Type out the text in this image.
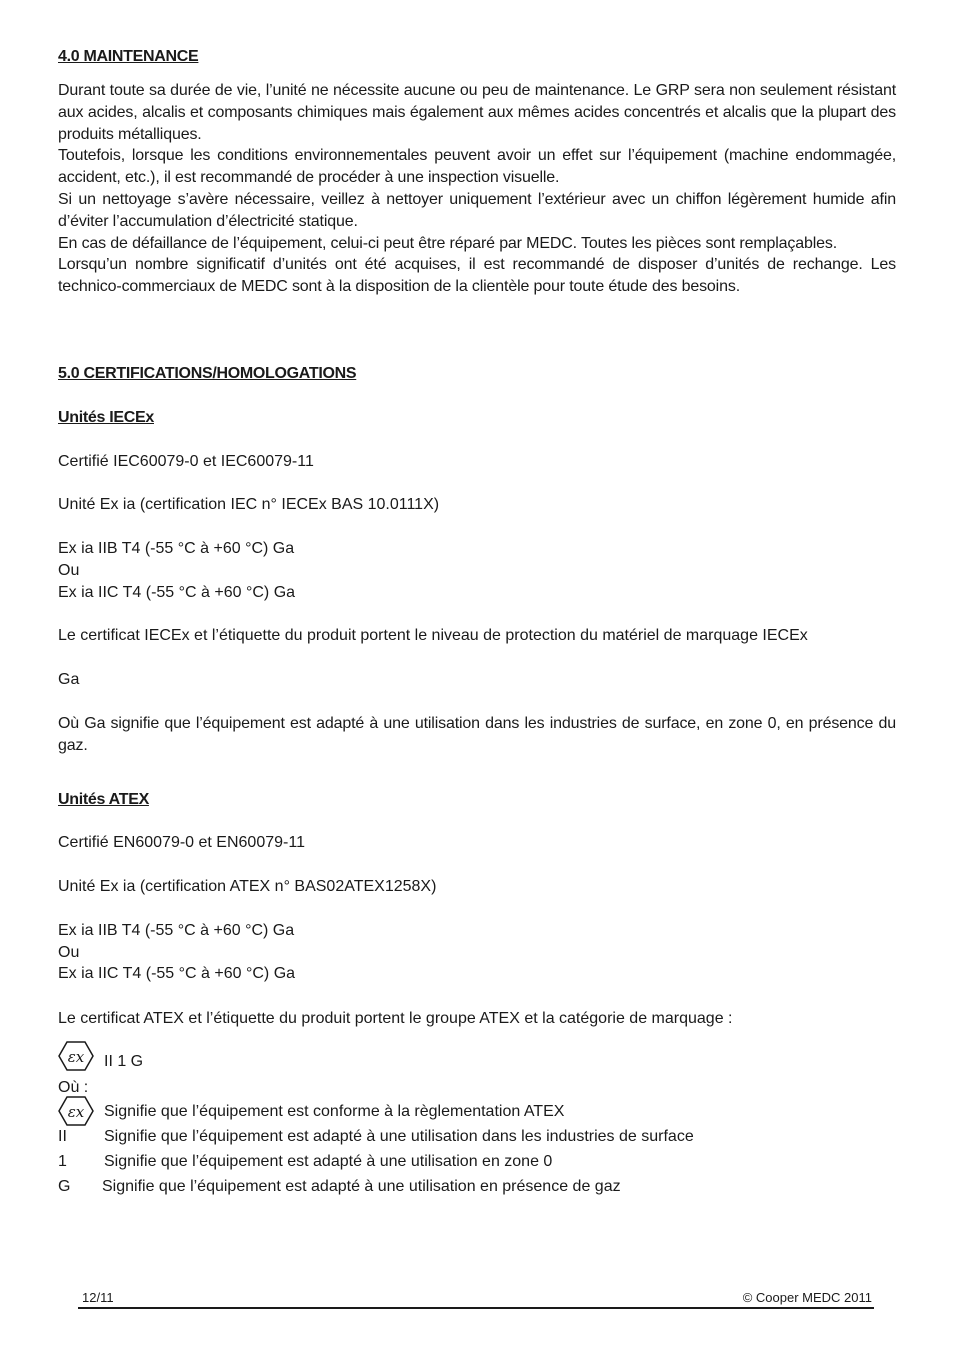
4.0 MAINTENANCE

Durant toute sa durée de vie, l’unité ne nécessite aucune ou peu de maintenance. Le GRP sera non seulement résistant aux acides, alcalis et composants chimiques mais également aux mêmes acides concentrés et alcalis que la plupart des produits métalliques.

Toutefois, lorsque les conditions environnementales peuvent avoir un effet sur l’équipement (machine endommagée, accident, etc.), il est recommandé de procéder à une inspection visuelle.

Si un nettoyage s’avère nécessaire, veillez à nettoyer uniquement l’extérieur avec un chiffon légèrement humide afin d’éviter l’accumulation d’électricité statique.

En cas de défaillance de l’équipement, celui-ci peut être réparé par MEDC. Toutes les pièces sont remplaçables.

Lorsqu’un nombre significatif d’unités ont été acquises, il est recommandé de disposer d’unités de rechange. Les technico-commerciaux de MEDC sont à la disposition de la clientèle pour toute étude des besoins.

5.0 CERTIFICATIONS/HOMOLOGATIONS
Unités IECEx
Certifié IEC60079-0 et IEC60079-11
Unité Ex ia (certification IEC n° IECEx BAS 10.0111X)
Ex ia IIB T4 (-55 °C à +60 °C) Ga
Ou
Ex ia IIC T4 (-55 °C à +60 °C) Ga
Le certificat IECEx et l’étiquette du produit portent le niveau de protection du matériel de marquage IECEx
Ga
Où Ga signifie que l’équipement est adapté à une utilisation dans les industries de surface, en zone 0, en présence du gaz.
Unités ATEX
Certifié EN60079-0 et EN60079-11
Unité Ex ia (certification ATEX n° BAS02ATEX1258X)
Ex ia IIB T4 (-55 °C à +60 °C) Ga
Ou
Ex ia IIC T4 (-55 °C à +60 °C) Ga
Le certificat ATEX et l’étiquette du produit portent le groupe ATEX et la catégorie de marquage :
εx II 1 G
Où :
εx Signifie que l’équipement est conforme à la règlementation ATEX
II Signifie que l’équipement est adapté à une utilisation dans les industries de surface
1 Signifie que l’équipement est adapté à une utilisation en zone 0
G Signifie que l’équipement est adapté à une utilisation en présence de gaz
12/11	© Cooper MEDC 2011
